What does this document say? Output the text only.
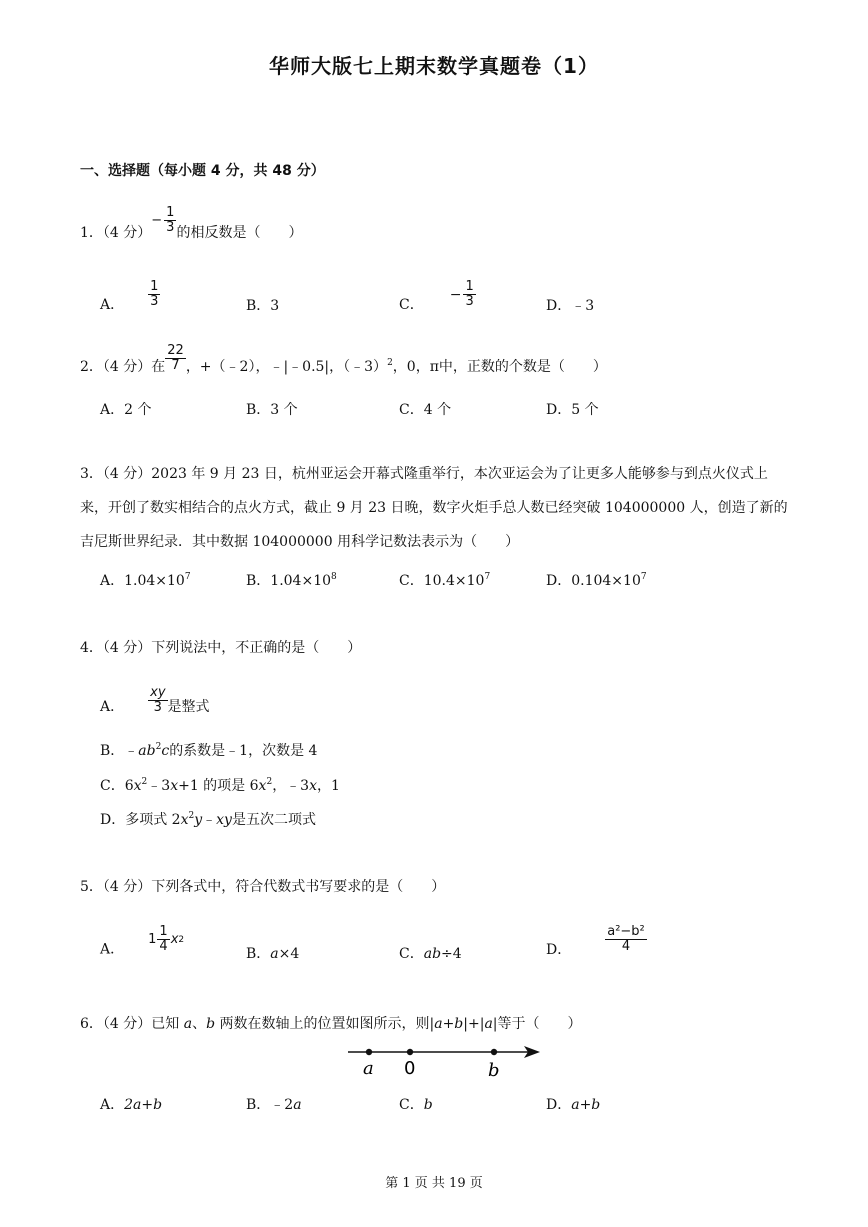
华师大版七上期末数学真题卷（1）
一、选择题（每小题 4 分，共 48 分）
1．（4 分）
− $\frac{1}{3}$ 的相反数是（　　）
A． $\frac{1}{3}$	B．3	C．
− $\frac{1}{3}$	D．﹣3
2．（4 分）在 $\frac{22}{7}$ ，+（﹣2），﹣|﹣0.5|，（﹣3）$^2$，0，π中，正数的个数是（　　）
A．2 个	B．3 个	C．4 个	D．5 个
3．（4 分）2023 年 9 月 23 日，杭州亚运会开幕式隆重举行，本次亚运会为了让更多人能够参与到点火仪式上来，开创了数实相结合的点火方式，截止 9 月 23 日晚，数字火炬手总人数已经突破 104000000 人，创造了新的吉尼斯世界纪录．其中数据 104000000 用科学记数法表示为（　　）
A．$1.04\times 10^7$	B．$1.04\times 10^8$	C．$10.4\times 10^7$	D．$0.104\times 10^7$
4．（4 分）下列说法中，不正确的是（　　）
A． $\frac{xy}{3}$ 是整式
B．$﹣ab^2c$的系数是﹣1，次数是 4
C．$6x^2﹣3x+1$ 的项是 $6x^2$，﹣3x，1
D．多项式 $2x^2y﹣xy$是五次二项式
5．（4 分）下列各式中，符合代数式书写要求的是（　　）
A．
$1 \frac{1}{4}$ x 2
B．a×4	C．ab÷4	D．	$\frac{\text{a²−b²}}{4}$
6．（4 分）已知 a、b 两数在数轴上的位置如图所示，则|a+b|+|a|等于（　　）
a 0	b
A．2a+b	B．﹣2a	C．b	D．a+b
第 1 页 共 19 页
